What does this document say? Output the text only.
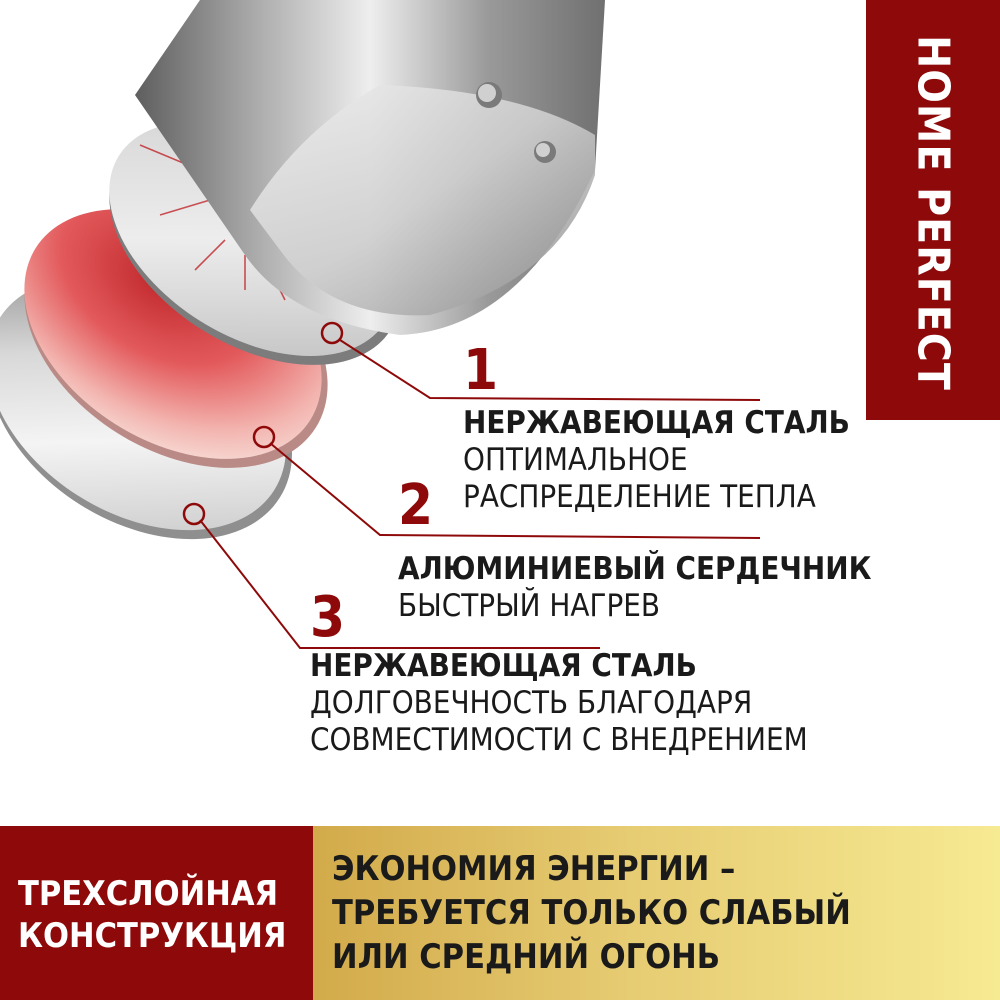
HOME PERFECT
1
НЕРЖАВЕЮЩАЯ СТАЛЬ
ОПТИМАЛЬНОЕ
РАСПРЕДЕЛЕНИЕ ТЕПЛА
2
АЛЮМИНИЕВЫЙ СЕРДЕЧНИК
БЫСТРЫЙ НАГРЕВ
3
НЕРЖАВЕЮЩАЯ СТАЛЬ
ДОЛГОВЕЧНОСТЬ БЛАГОДАРЯ
СОВМЕСТИМОСТИ С ВНЕДРЕНИЕМ
ТРЕХСЛОЙНАЯ
КОНСТРУКЦИЯ
ЭКОНОМИЯ ЭНЕРГИИ –
ТРЕБУЕТСЯ ТОЛЬКО СЛАБЫЙ
ИЛИ СРЕДНИЙ ОГОНЬ
